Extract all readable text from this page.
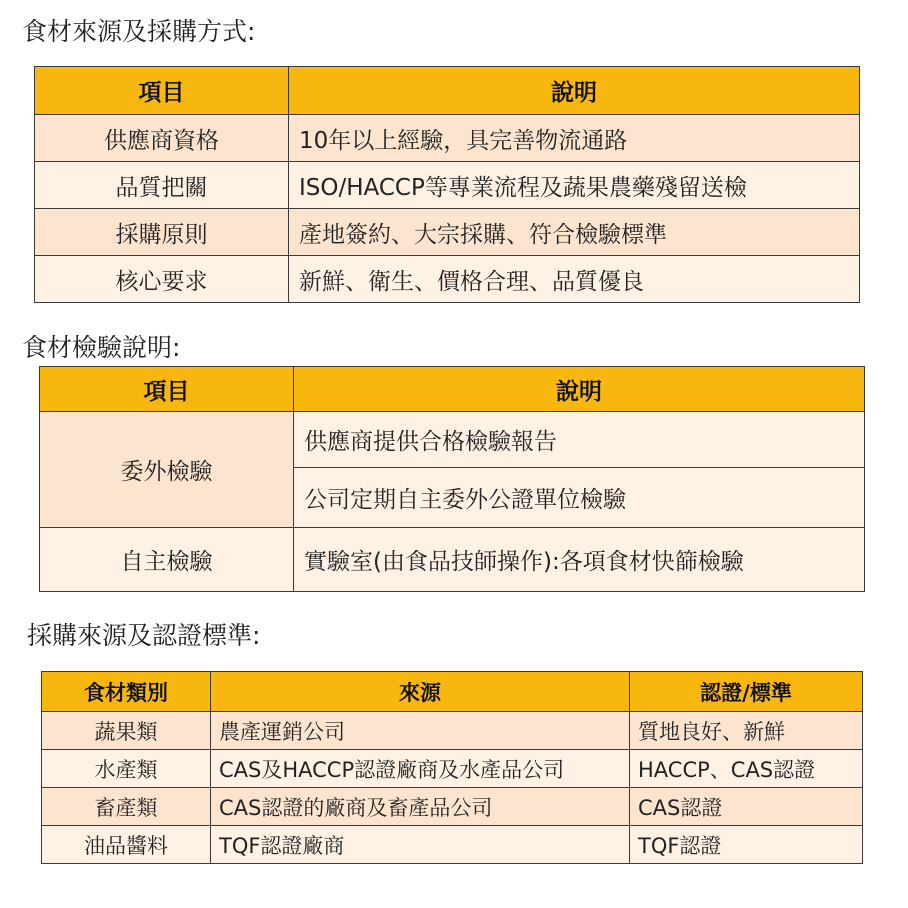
食材來源及採購方式:
項目	說明
供應商資格	10年以上經驗，具完善物流通路
品質把關	ISO/HACCP等專業流程及蔬果農藥殘留送檢
採購原則	產地簽約、大宗採購、符合檢驗標準
核心要求	新鮮、衛生、價格合理、品質優良
食材檢驗說明:
項目	說明
委外檢驗	供應商提供合格檢驗報告
	公司定期自主委外公證單位檢驗
自主檢驗	實驗室(由食品技師操作):各項食材快篩檢驗
採購來源及認證標準:
食材類別	來源	認證/標準
蔬果類	農產運銷公司	質地良好、新鮮
水產類	CAS及HACCP認證廠商及水產品公司	HACCP、CAS認證
畜產類	CAS認證的廠商及畜產品公司	CAS認證
油品醬料	TQF認證廠商	TQF認證
